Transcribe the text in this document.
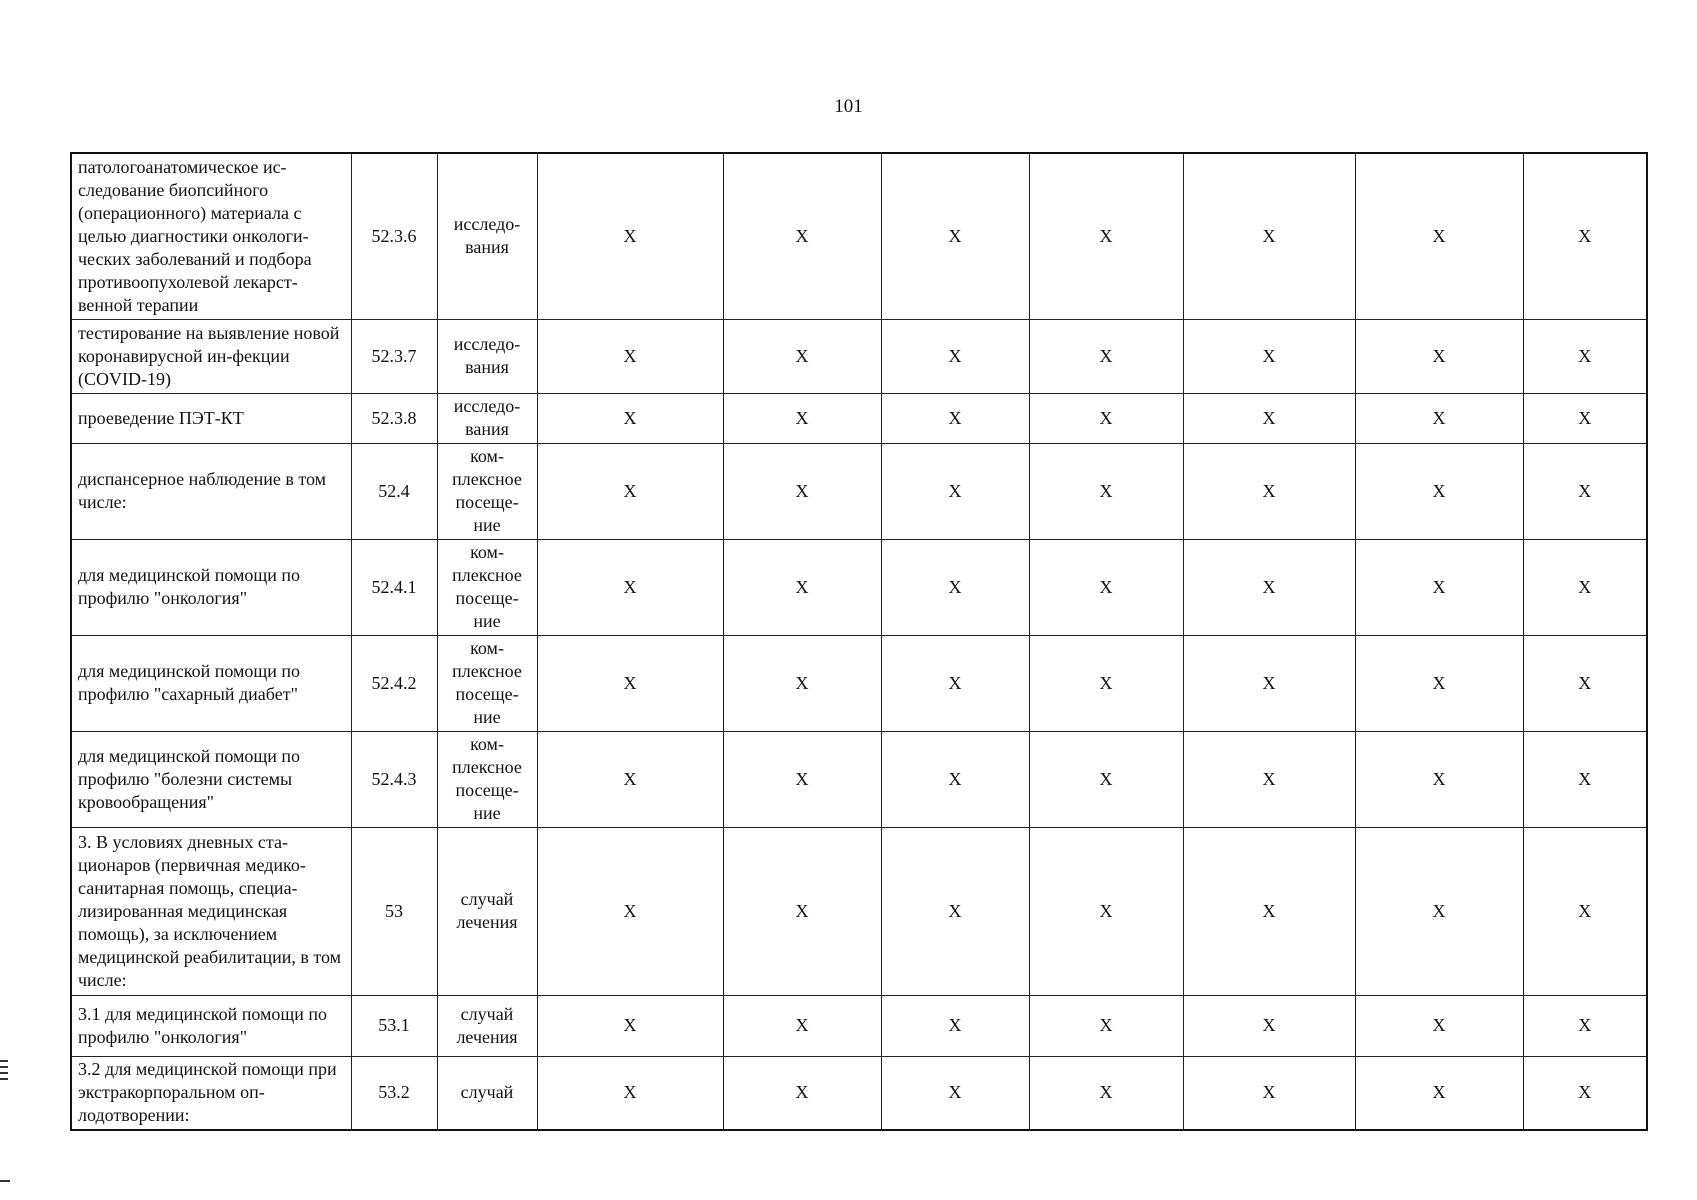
101
патологоанатомическое ис-следование биопсийного (операционного) материала с целью диагностики онкологи-ческих заболеваний и подбора противоопухолевой лекарст-венной терапии	52.3.6	исследо-вания	X	X	X	X	X	X	X
тестирование на выявление новой коронавирусной ин-фекции (COVID-19)	52.3.7	исследо-вания	X	X	X	X	X	X	X
проеведение ПЭТ-КТ	52.3.8	исследо-вания	X	X	X	X	X	X	X
диспансерное наблюдение в том числе:	52.4	ком-плексное посеще-ние	X	X	X	X	X	X	X
для медицинской помощи по профилю "онкология"	52.4.1	ком-плексное посеще-ние	X	X	X	X	X	X	X
для медицинской помощи по профилю "сахарный диабет"	52.4.2	ком-плексное посеще-ние	X	X	X	X	X	X	X
для медицинской помощи по профилю "болезни системы кровообращения"	52.4.3	ком-плексное посеще-ние	X	X	X	X	X	X	X
3. В условиях дневных ста-ционаров (первичная медико-санитарная помощь, специа-лизированная медицинская помощь), за исключением медицинской реабилитации, в том числе:	53	случай лечения	X	X	X	X	X	X	X
3.1 для медицинской помощи по профилю "онкология"	53.1	случай лечения	X	X	X	X	X	X	X
3.2 для медицинской помощи при экстракорпоральном оп-лодотворении:	53.2	случай	X	X	X	X	X	X	X
